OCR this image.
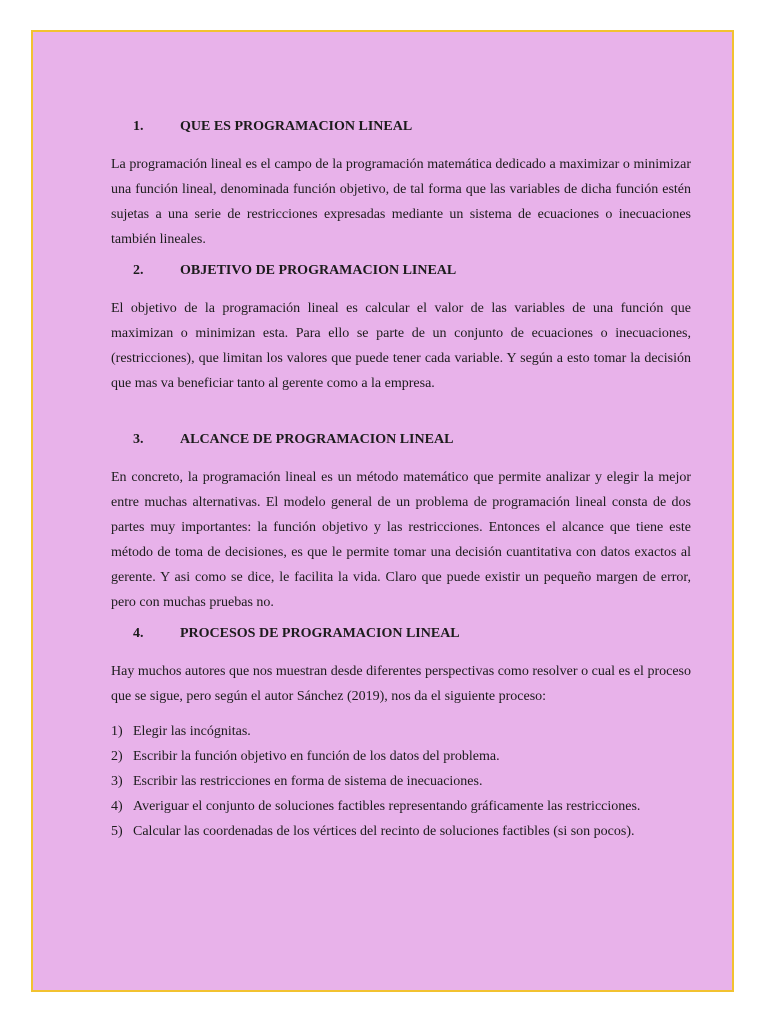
1.	QUE ES PROGRAMACION LINEAL

La programación lineal es el campo de la programación matemática dedicado a maximizar o minimizar una función lineal, denominada función objetivo, de tal forma que las variables de dicha función estén sujetas a una serie de restricciones expresadas mediante un sistema de ecuaciones o inecuaciones también lineales.

2.	OBJETIVO DE PROGRAMACION LINEAL

El objetivo de la programación lineal es calcular el valor de las variables de una función que maximizan o minimizan esta. Para ello se parte de un conjunto de ecuaciones o inecuaciones, (restricciones), que limitan los valores que puede tener cada variable. Y según a esto tomar la decisión que mas va beneficiar tanto al gerente como a la empresa.

3.	ALCANCE DE PROGRAMACION LINEAL

En concreto, la programación lineal es un método matemático que permite analizar y elegir la mejor entre muchas alternativas. El modelo general de un problema de programación lineal consta de dos partes muy importantes: la función objetivo y las restricciones. Entonces el alcance que tiene este método de toma de decisiones, es que le permite tomar una decisión cuantitativa con datos exactos al gerente. Y asi como se dice, le facilita la vida. Claro que puede existir un pequeño margen de error, pero con muchas pruebas no.

4.	PROCESOS DE PROGRAMACION LINEAL

Hay muchos autores que nos muestran desde diferentes perspectivas como resolver o cual es el proceso que se sigue, pero según el autor Sánchez (2019), nos da el siguiente proceso:

1) Elegir las incógnitas.
2) Escribir la función objetivo en función de los datos del problema.
3) Escribir las restricciones en forma de sistema de inecuaciones.
4) Averiguar el conjunto de soluciones factibles representando gráficamente las restricciones.
5) Calcular las coordenadas de los vértices del recinto de soluciones factibles (si son pocos).
